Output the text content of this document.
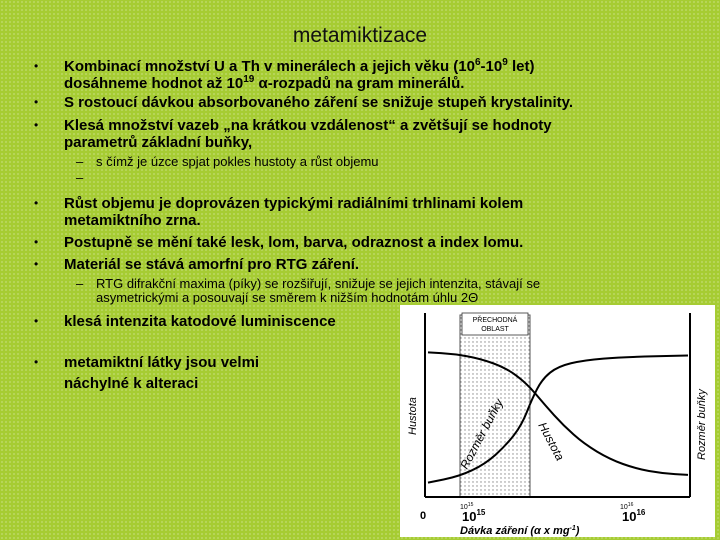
metamiktizace
• Kombinací množství U a Th v minerálech a jejich věku ($10^6-10^9$ let)
dosáhneme hodnot až $10^{19}$ α-rozpadů na gram minerálů.
• S rostoucí dávkou absorbovaného záření se snižuje stupeň krystalinity.
• Klesá množství vazeb „na krátkou vzdálenost“ a zvětšují se hodnoty
parametrů základní buňky,
– s čímž je úzce spjat pokles hustoty a růst objemu
–
• Růst objemu je doprovázen typickými radiálními trhlinami kolem
metamiktního zrna.
• Postupně se mění také lesk, lom, barva, odraznost a index lomu.
• Materiál se stává amorfní pro RTG záření.
– RTG difrakční maxima (píky) se rozšiřují, snižuje se jejich intenzita, stávají se
asymetrickými a posouvají se směrem k nižším hodnotám úhlu 2Θ
• klesá intenzita katodové luminiscence
• metamiktní látky jsou velmi
náchylné k alteraci
PŘECHODNÁ
OBLAST
$10^{15}$	$10^{16}$
0	$10^{15}$	$10^{16}$
Dávka záření (α x $mg^{-1}$)
Hustota	Rozměr buňky
Rozměr buňky Hustota
